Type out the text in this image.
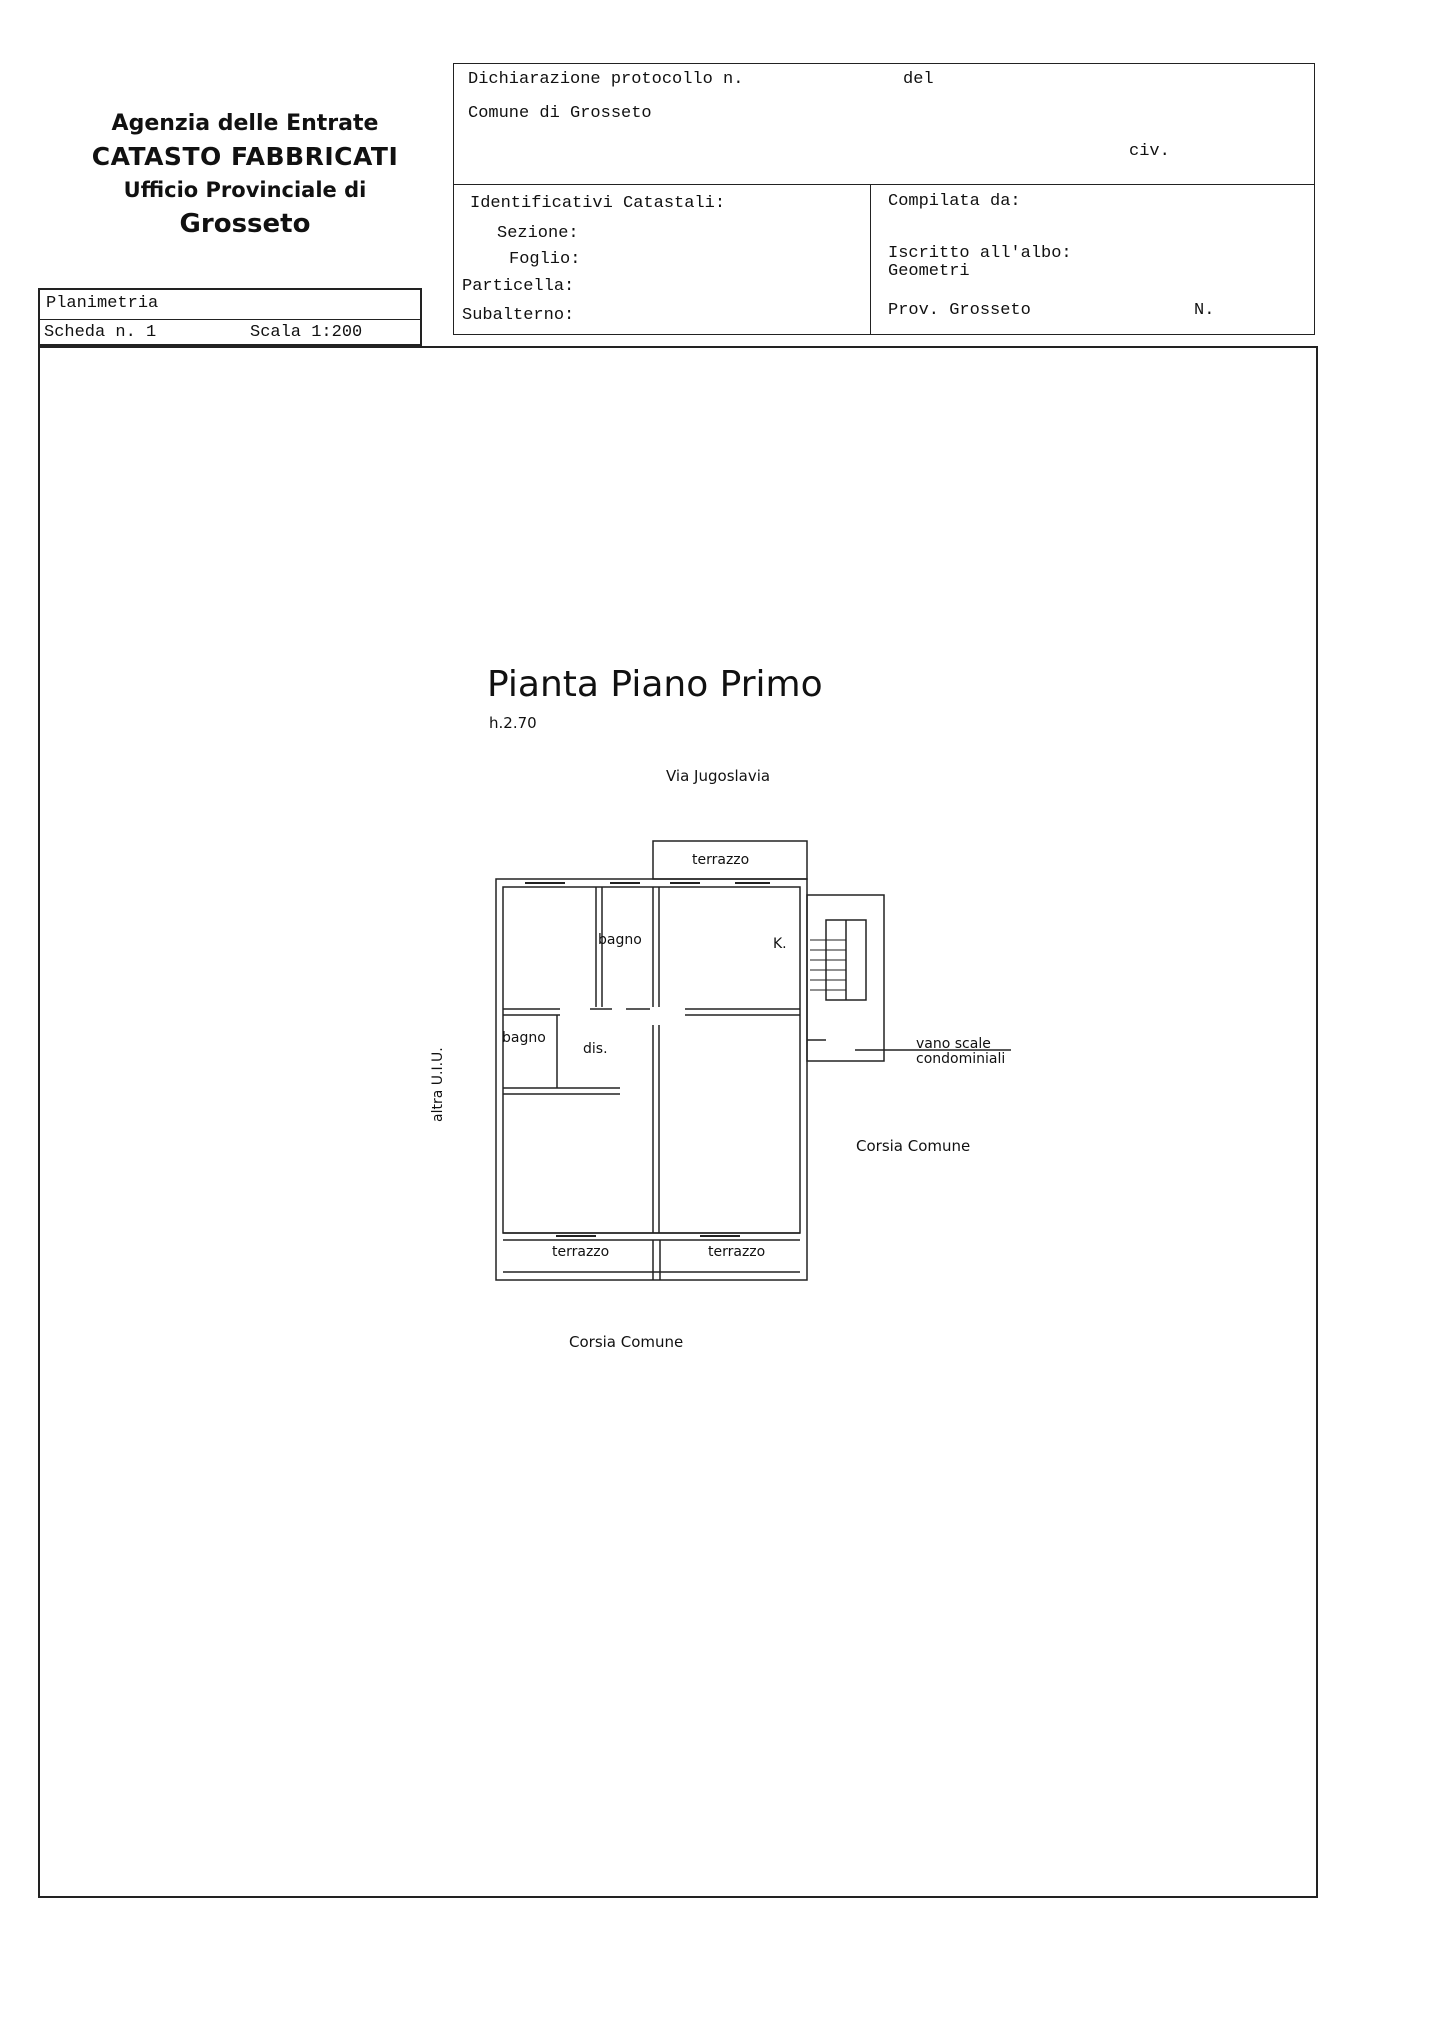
Agenzia delle Entrate
CATASTO FABBRICATI
Ufficio Provinciale di
Grosseto
Planimetria
Scheda n. 1	Scala 1:200
Dichiarazione protocollo n.	del
Comune di Grosseto
civ.
Identificativi Catastali:
Sezione:
Foglio:
Particella:
Subalterno:
Compilata da:
Iscritto all'albo:
Geometri
Prov. Grosseto	N.
Pianta Piano Primo
h.2.70
Via Jugoslavia
terrazzo
bagno	K.
bagno
dis.	vano scale
condominiali
altra U.I.U.
Corsia Comune
terrazzo	terrazzo
Corsia Comune
